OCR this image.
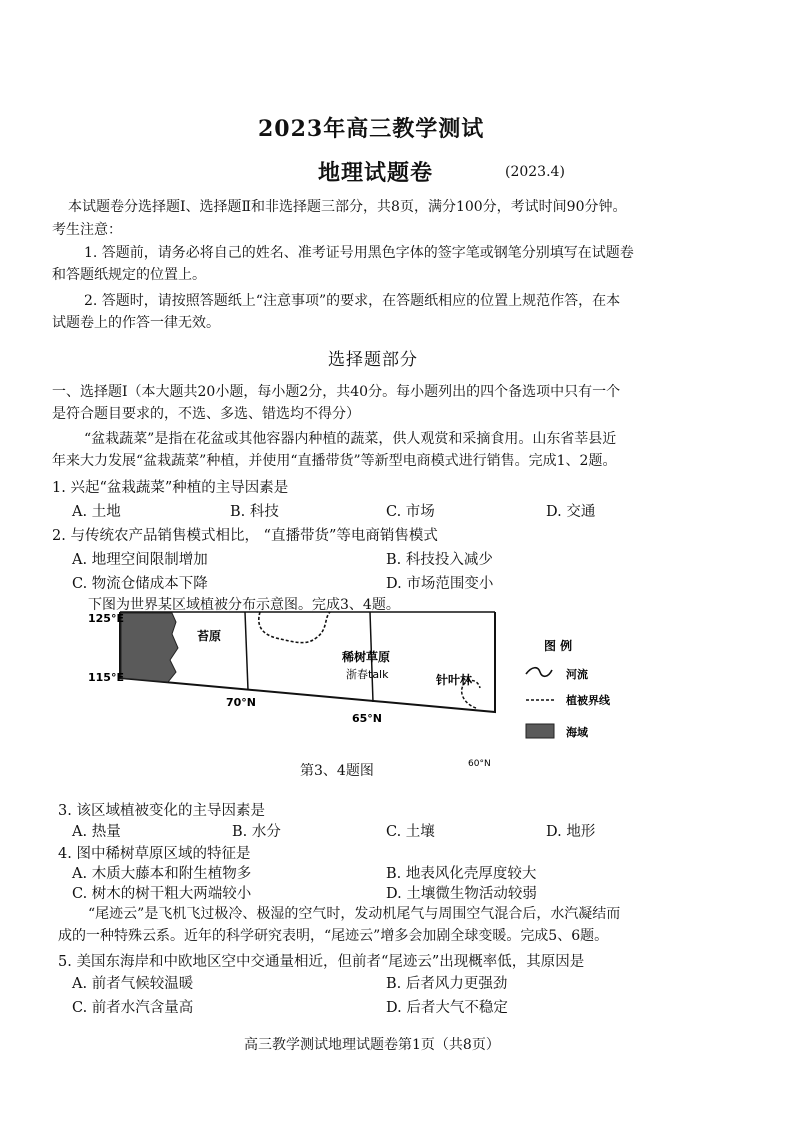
2023年高三教学测试
地理试题卷	(2023.4)
本试题卷分选择题Ⅰ、选择题Ⅱ和非选择题三部分，共8页，满分100分，考试时间90分钟。
考生注意：
1. 答题前，请务必将自己的姓名、准考证号用黑色字体的签字笔或钢笔分别填写在试题卷
和答题纸规定的位置上。
2. 答题时，请按照答题纸上“注意事项”的要求，在答题纸相应的位置上规范作答，在本
试题卷上的作答一律无效。
选择题部分
一、选择题Ⅰ（本大题共20小题，每小题2分，共40分。每小题列出的四个备选项中只有一个
是符合题目要求的，不选、多选、错选均不得分）
“盆栽蔬菜”是指在花盆或其他容器内种植的蔬菜，供人观赏和采摘食用。山东省莘县近
年来大力发展“盆栽蔬菜”种植，并使用“直播带货”等新型电商模式进行销售。完成1、2题。
1. 兴起“盆栽蔬菜”种植的主导因素是
A. 土地	B. 科技	C. 市场	D. 交通
2. 与传统农产品销售模式相比， “直播带货”等电商销售模式
A. 地理空间限制增加	B. 科技投入减少
C. 物流仓储成本下降	D. 市场范围变小
下图为世界某区域植被分布示意图。完成3、4题。
125°E
115°E
70°N
65°N
60°N
苔原
稀树草原
浙春talk	针叶林
图 例
河流
植被界线
海域
第3、4题图
3. 该区域植被变化的主导因素是
A. 热量	B. 水分	C. 土壤	D. 地形
4. 图中稀树草原区域的特征是
A. 木质大藤本和附生植物多	B. 地表风化壳厚度较大
C. 树木的树干粗大两端较小	D. 土壤微生物活动较弱
“尾迹云”是飞机飞过极冷、极湿的空气时，发动机尾气与周围空气混合后，水汽凝结而
成的一种特殊云系。近年的科学研究表明，“尾迹云”增多会加剧全球变暖。完成5、6题。
5. 美国东海岸和中欧地区空中交通量相近，但前者“尾迹云”出现概率低，其原因是
A. 前者气候较温暖	B. 后者风力更强劲
C. 前者水汽含量高	D. 后者大气不稳定
高三教学测试地理试题卷第1页（共8页）
